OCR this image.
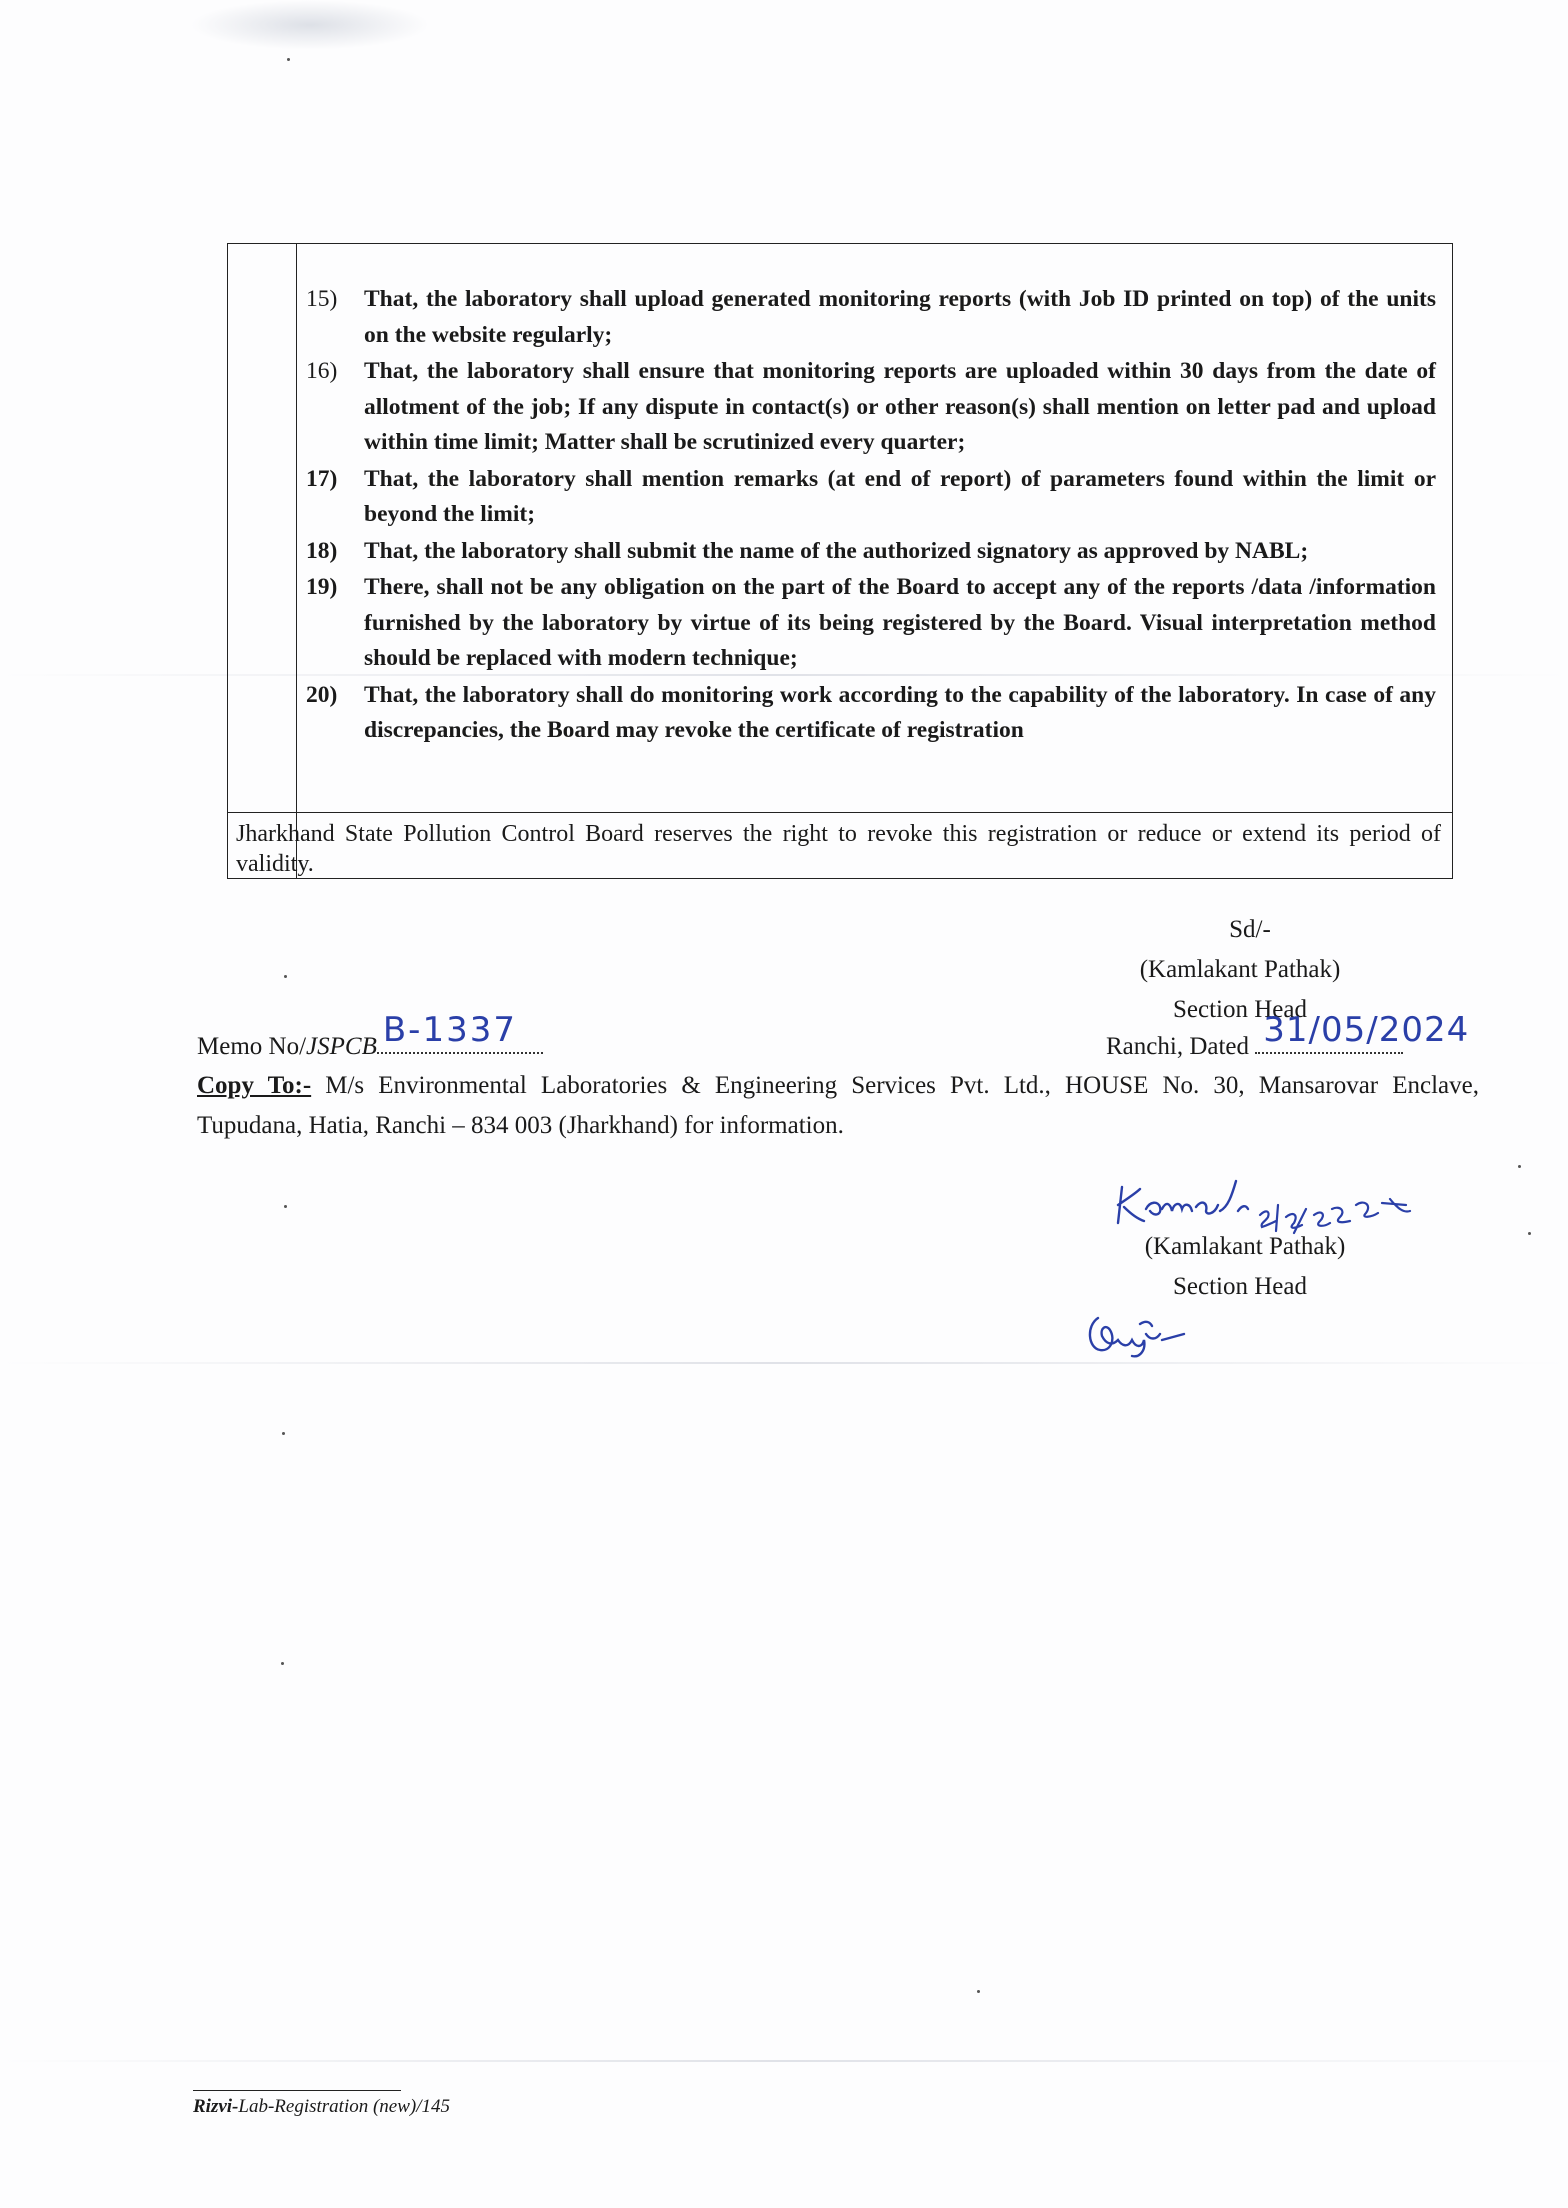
15) That, the laboratory shall upload generated monitoring reports (with Job ID printed on top) of the units on the website regularly;
16) That, the laboratory shall ensure that monitoring reports are uploaded within 30 days from the date of allotment of the job; If any dispute in contact(s) or other reason(s) shall mention on letter pad and upload within time limit; Matter shall be scrutinized every quarter;
17) That, the laboratory shall mention remarks (at end of report) of parameters found within the limit or beyond the limit;
18) That, the laboratory shall submit the name of the authorized signatory as approved by NABL;
19) There, shall not be any obligation on the part of the Board to accept any of the reports /data /information furnished by the laboratory by virtue of its being registered by the Board. Visual interpretation method should be replaced with modern technique;
20) That, the laboratory shall do monitoring work according to the capability of the laboratory. In case of any discrepancies, the Board may revoke the certificate of registration
Jharkhand State Pollution Control Board reserves the right to revoke this registration or reduce or extend its period of validity.
Sd/-
(Kamlakant Pathak)
Section Head
Memo No/JSPCB B-1337	Ranchi, Dated 31/05/2024
Copy To:- M/s Environmental Laboratories & Engineering Services Pvt. Ltd., HOUSE No. 30, Mansarovar Enclave, Tupudana, Hatia, Ranchi – 834 003 (Jharkhand) for information.
(Kamlakant Pathak)
Section Head
Rizvi-Lab-Registration (new)/145
